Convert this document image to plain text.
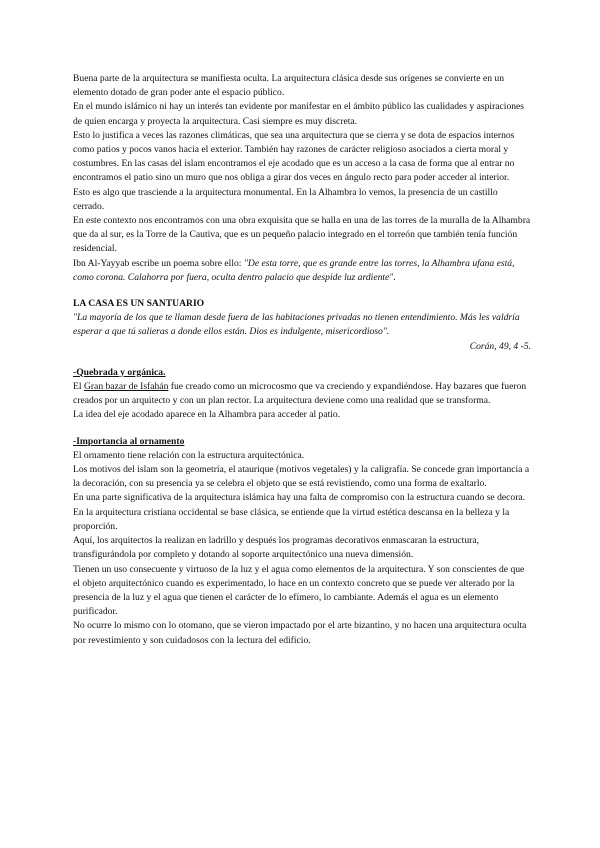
Buena parte de la arquitectura se manifiesta oculta. La arquitectura clásica desde sus orígenes se convierte en un elemento dotado de gran poder ante el espacio público.

En el mundo islámico ni hay un interés tan evidente por manifestar en el ámbito público las cualidades y aspiraciones de quien encarga y proyecta la arquitectura. Casi siempre es muy discreta.

Esto lo justifica a veces las razones climáticas, que sea una arquitectura que se cierra y se dota de espacios internos como patios y pocos vanos hacia el exterior. También hay razones de carácter religioso asociados a cierta moral y costumbres. En las casas del islam encontramos el eje acodado que es un acceso a la casa de forma que al entrar no encontramos el patio sino un muro que nos obliga a girar dos veces en ángulo recto para poder acceder al interior.

Esto es algo que trasciende a la arquitectura monumental. En la Alhambra lo vemos, la presencia de un castillo cerrado.

En este contexto nos encontramos con una obra exquisita que se halla en una de las torres de la muralla de la Alhambra que da al sur, es la Torre de la Cautiva, que es un pequeño palacio integrado en el torreón que también tenía función residencial.

Ibn Al-Yayyab escribe un poema sobre ello: "De esta torre, que es grande entre las torres, la Alhambra ufana está, como corona. Calahorra por fuera, oculta dentro palacio que despide luz ardiente".

LA CASA ES UN SANTUARIO

"La mayoría de los que te llaman desde fuera de las habitaciones privadas no tienen entendimiento. Más les valdría esperar a que tú salieras a donde ellos están. Dios es indulgente, misericordioso".

Corán, 49, 4 -5.

-Quebrada y orgánica.

El Gran bazar de Isfahán fue creado como un microcosmo que va creciendo y expandiéndose. Hay bazares que fueron creados por un arquitecto y con un plan rector. La arquitectura deviene como una realidad que se transforma.

La idea del eje acodado aparece en la Alhambra para acceder al patio.

-Importancia al ornamento

El ornamento tiene relación con la estructura arquitectónica.

Los motivos del islam son la geometría, el ataurique (motivos vegetales) y la caligrafía. Se concede gran importancia a la decoración, con su presencia ya se celebra el objeto que se está revistiendo, como una forma de exaltarlo.

En una parte significativa de la arquitectura islámica hay una falta de compromiso con la estructura cuando se decora. En la arquitectura cristiana occidental se base clásica, se entiende que la virtud estética descansa en la belleza y la proporción.

Aquí, los arquitectos la realizan en ladrillo y después los programas decorativos enmascaran la estructura, transfigurándola por completo y dotando al soporte arquitectónico una nueva dimensión.

Tienen un uso consecuente y virtuoso de la luz y el agua como elementos de la arquitectura. Y son conscientes de que el objeto arquitectónico cuando es experimentado, lo hace en un contexto concreto que se puede ver alterado por la presencia de la luz y el agua que tienen el carácter de lo efímero, lo cambiante. Además el agua es un elemento purificador.

No ocurre lo mismo con lo otomano, que se vieron impactado por el arte bizantino, y no hacen una arquitectura oculta por revestimiento y son cuidadosos con la lectura del edificio.
